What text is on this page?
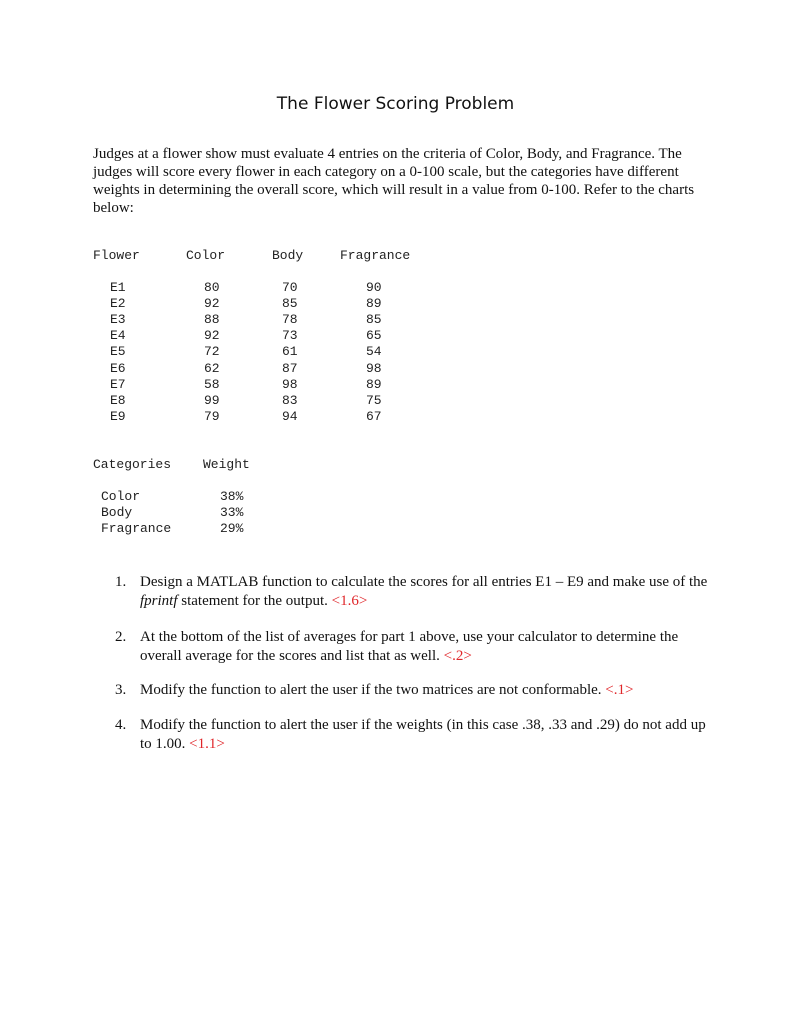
The Flower Scoring Problem
Judges at a flower show must evaluate 4 entries on the criteria of Color, Body, and Fragrance. The judges will score every flower in each category on a 0-100 scale, but the categories have different weights in determining the overall score, which will result in a value from 0-100. Refer to the charts below:
Flower	Color	Body	Fragrance
E1	80	70	90
E2	92	85	89
E3	88	78	85
E4	92	73	65
E5	72	61	54
E6	62	87	98
E7	58	98	89
E8	99	83	75
E9	79	94	67
Categories Weight
Color	38%
Body	33%
Fragrance	29%
1. Design a MATLAB function to calculate the scores for all entries E1 – E9 and make use of the fprintf statement for the output. <1.6>
2. At the bottom of the list of averages for part 1 above, use your calculator to determine the overall average for the scores and list that as well. <.2>
3. Modify the function to alert the user if the two matrices are not conformable. <.1>
4. Modify the function to alert the user if the weights (in this case .38, .33 and .29) do not add up to 1.00. <1.1>
